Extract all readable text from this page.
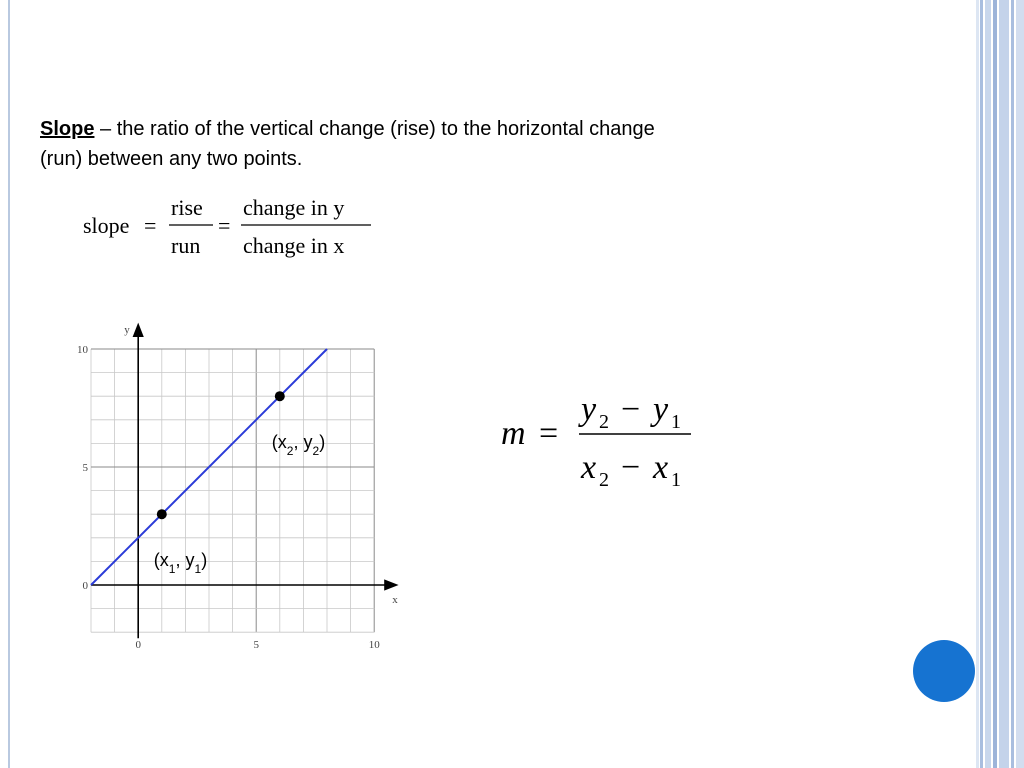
Slope – the ratio of the vertical change (rise) to the horizontal change
(run) between any two points.
slope =
rise
run
=
change in y
change in x
m =
y 2 − y 1
x 2 − x 1
0	5	10
10
5
0
x
y
($x_2$, $y_2$)
($x_1$, $y_1$)
